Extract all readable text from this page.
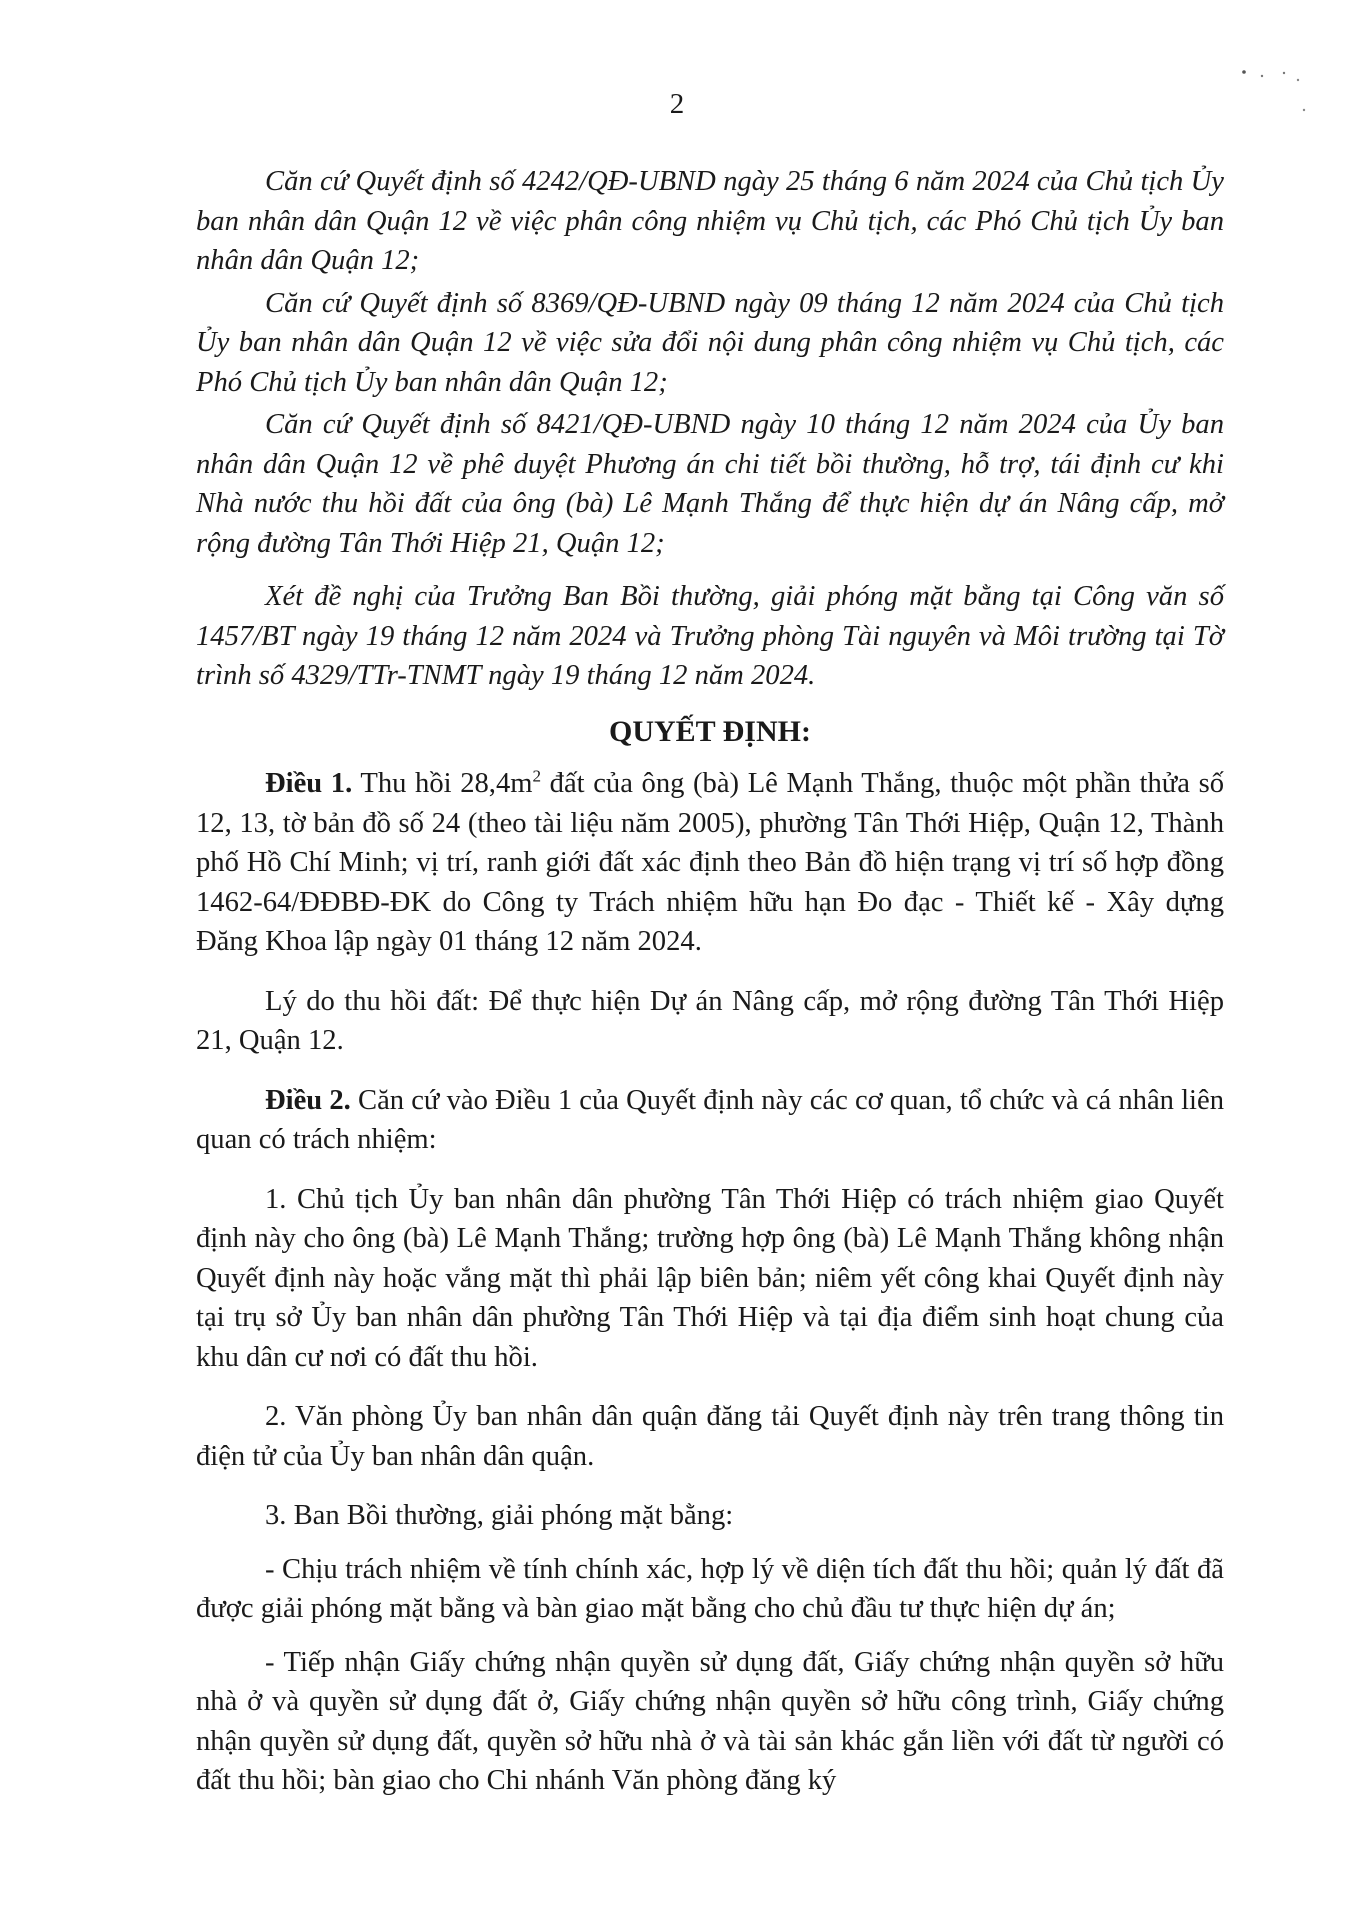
2

Căn cứ Quyết định số 4242/QĐ-UBND ngày 25 tháng 6 năm 2024 của Chủ tịch Ủy ban nhân dân Quận 12 về việc phân công nhiệm vụ Chủ tịch, các Phó Chủ tịch Ủy ban nhân dân Quận 12;

Căn cứ Quyết định số 8369/QĐ-UBND ngày 09 tháng 12 năm 2024 của Chủ tịch Ủy ban nhân dân Quận 12 về việc sửa đổi nội dung phân công nhiệm vụ Chủ tịch, các Phó Chủ tịch Ủy ban nhân dân Quận 12;

Căn cứ Quyết định số 8421/QĐ-UBND ngày 10 tháng 12 năm 2024 của Ủy ban nhân dân Quận 12 về phê duyệt Phương án chi tiết bồi thường, hỗ trợ, tái định cư khi Nhà nước thu hồi đất của ông (bà) Lê Mạnh Thắng để thực hiện dự án Nâng cấp, mở rộng đường Tân Thới Hiệp 21, Quận 12;

Xét đề nghị của Trưởng Ban Bồi thường, giải phóng mặt bằng tại Công văn số 1457/BT ngày 19 tháng 12 năm 2024 và Trưởng phòng Tài nguyên và Môi trường tại Tờ trình số 4329/TTr-TNMT ngày 19 tháng 12 năm 2024.

QUYẾT ĐỊNH:

Điều 1. Thu hồi $28,4m^2$ đất của ông (bà) Lê Mạnh Thắng, thuộc một phần thửa số 12, 13, tờ bản đồ số 24 (theo tài liệu năm 2005), phường Tân Thới Hiệp, Quận 12, Thành phố Hồ Chí Minh; vị trí, ranh giới đất xác định theo Bản đồ hiện trạng vị trí số hợp đồng 1462-64/ĐĐBĐ-ĐK do Công ty Trách nhiệm hữu hạn Đo đạc - Thiết kế - Xây dựng Đăng Khoa lập ngày 01 tháng 12 năm 2024.

Lý do thu hồi đất: Để thực hiện Dự án Nâng cấp, mở rộng đường Tân Thới Hiệp 21, Quận 12.

Điều 2. Căn cứ vào Điều 1 của Quyết định này các cơ quan, tổ chức và cá nhân liên quan có trách nhiệm:

1. Chủ tịch Ủy ban nhân dân phường Tân Thới Hiệp có trách nhiệm giao Quyết định này cho ông (bà) Lê Mạnh Thắng; trường hợp ông (bà) Lê Mạnh Thắng không nhận Quyết định này hoặc vắng mặt thì phải lập biên bản; niêm yết công khai Quyết định này tại trụ sở Ủy ban nhân dân phường Tân Thới Hiệp và tại địa điểm sinh hoạt chung của khu dân cư nơi có đất thu hồi.

2. Văn phòng Ủy ban nhân dân quận đăng tải Quyết định này trên trang thông tin điện tử của Ủy ban nhân dân quận.

3. Ban Bồi thường, giải phóng mặt bằng:

- Chịu trách nhiệm về tính chính xác, hợp lý về diện tích đất thu hồi; quản lý đất đã được giải phóng mặt bằng và bàn giao mặt bằng cho chủ đầu tư thực hiện dự án;

- Tiếp nhận Giấy chứng nhận quyền sử dụng đất, Giấy chứng nhận quyền sở hữu nhà ở và quyền sử dụng đất ở, Giấy chứng nhận quyền sở hữu công trình, Giấy chứng nhận quyền sử dụng đất, quyền sở hữu nhà ở và tài sản khác gắn liền với đất từ người có đất thu hồi; bàn giao cho Chi nhánh Văn phòng đăng ký
